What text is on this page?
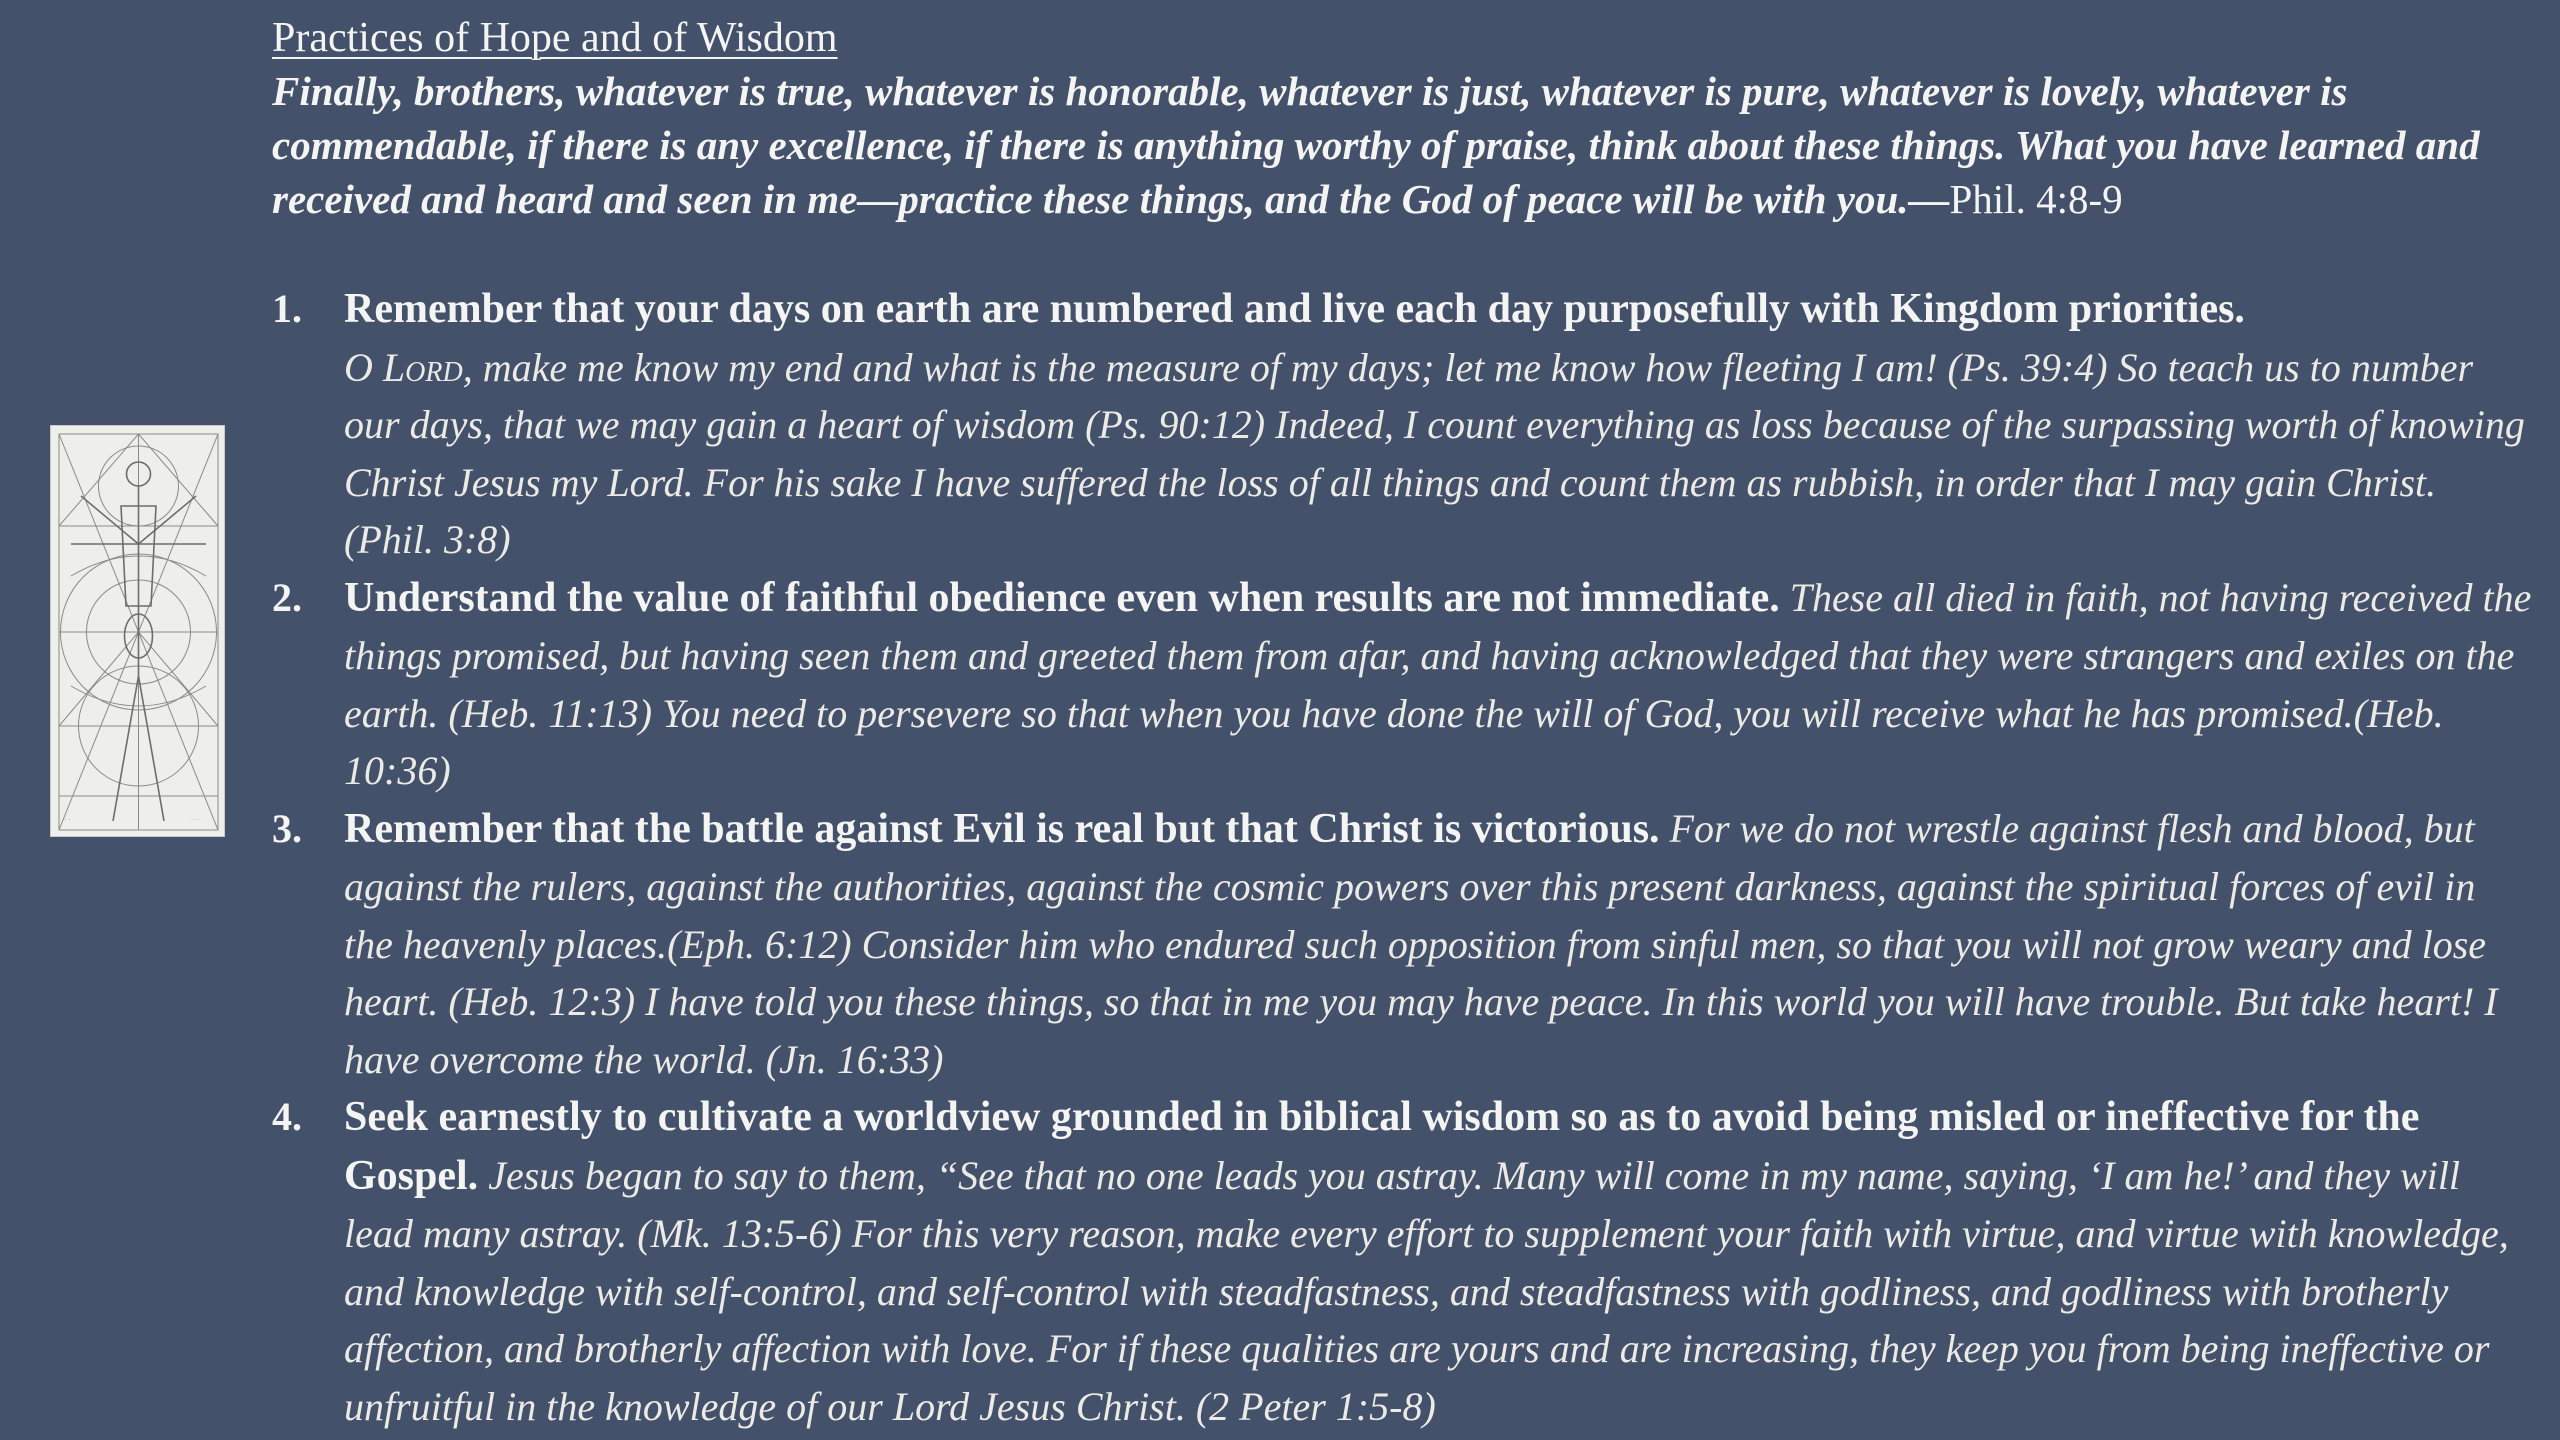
Practices of Hope and of Wisdom
Finally, brothers, whatever is true, whatever is honorable, whatever is just, whatever is pure, whatever is lovely, whatever is commendable, if there is any excellence, if there is anything worthy of praise, think about these things. What you have learned and received and heard and seen in me—practice these things, and the God of peace will be with you.—Phil. 4:8-9
·· ·	·· ·
1. Remember that your days on earth are numbered and live each day purposefully with Kingdom priorities.
O Lord, make me know my end and what is the measure of my days; let me know how fleeting I am! (Ps. 39:4) So teach us to number our days, that we may gain a heart of wisdom (Ps. 90:12) Indeed, I count everything as loss because of the surpassing worth of knowing Christ Jesus my Lord. For his sake I have suffered the loss of all things and count them as rubbish, in order that I may gain Christ. (Phil. 3:8)
2. Understand the value of faithful obedience even when results are not immediate. These all died in faith, not having received the things promised, but having seen them and greeted them from afar, and having acknowledged that they were strangers and exiles on the earth. (Heb. 11:13) You need to persevere so that when you have done the will of God, you will receive what he has promised.(Heb. 10:36)
3. Remember that the battle against Evil is real but that Christ is victorious. For we do not wrestle against flesh and blood, but against the rulers, against the authorities, against the cosmic powers over this present darkness, against the spiritual forces of evil in the heavenly places.(Eph. 6:12) Consider him who endured such opposition from sinful men, so that you will not grow weary and lose heart. (Heb. 12:3) I have told you these things, so that in me you may have peace. In this world you will have trouble. But take heart! I have overcome the world. (Jn. 16:33)
4. Seek earnestly to cultivate a worldview grounded in biblical wisdom so as to avoid being misled or ineffective for the Gospel. Jesus began to say to them, “See that no one leads you astray. Many will come in my name, saying, ‘I am he!’ and they will lead many astray. (Mk. 13:5-6) For this very reason, make every effort to supplement your faith with virtue, and virtue with knowledge, and knowledge with self-control, and self-control with steadfastness, and steadfastness with godliness, and godliness with brotherly affection, and brotherly affection with love. For if these qualities are yours and are increasing, they keep you from being ineffective or unfruitful in the knowledge of our Lord Jesus Christ. (2 Peter 1:5-8)
